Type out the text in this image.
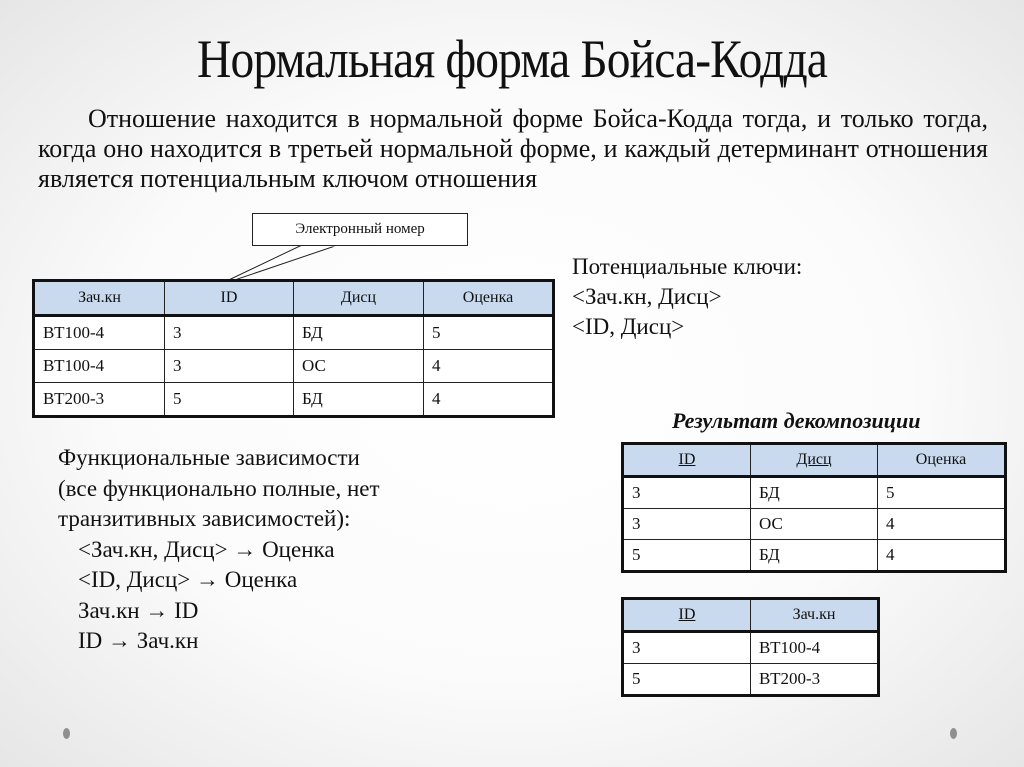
Нормальная форма Бойса-Кодда
Отношение находится в нормальной форме Бойса-Кодда тогда, и только тогда, когда оно находится в третьей нормальной форме, и каждый детерминант отношения является потенциальным ключом отношения
Электронный номер
Зач.кн	ID	Дисц	Оценка
ВТ100-4	3	БД	5
ВТ100-4	3	ОС	4
ВТ200-3	5	БД	4
Потенциальные ключи:
<Зач.кн, Дисц>
<ID, Дисц>
Результат декомпозиции
ID	Дисц	Оценка
3	БД	5
3	ОС	4
5	БД	4
ID	Зач.кн
3	ВТ100-4
5	ВТ200-3
Функциональные зависимости
(все функционально полные, нет
транзитивных зависимостей):
<Зач.кн, Дисц> → Оценка
<ID, Дисц> → Оценка
Зач.кн → ID
ID → Зач.кн
